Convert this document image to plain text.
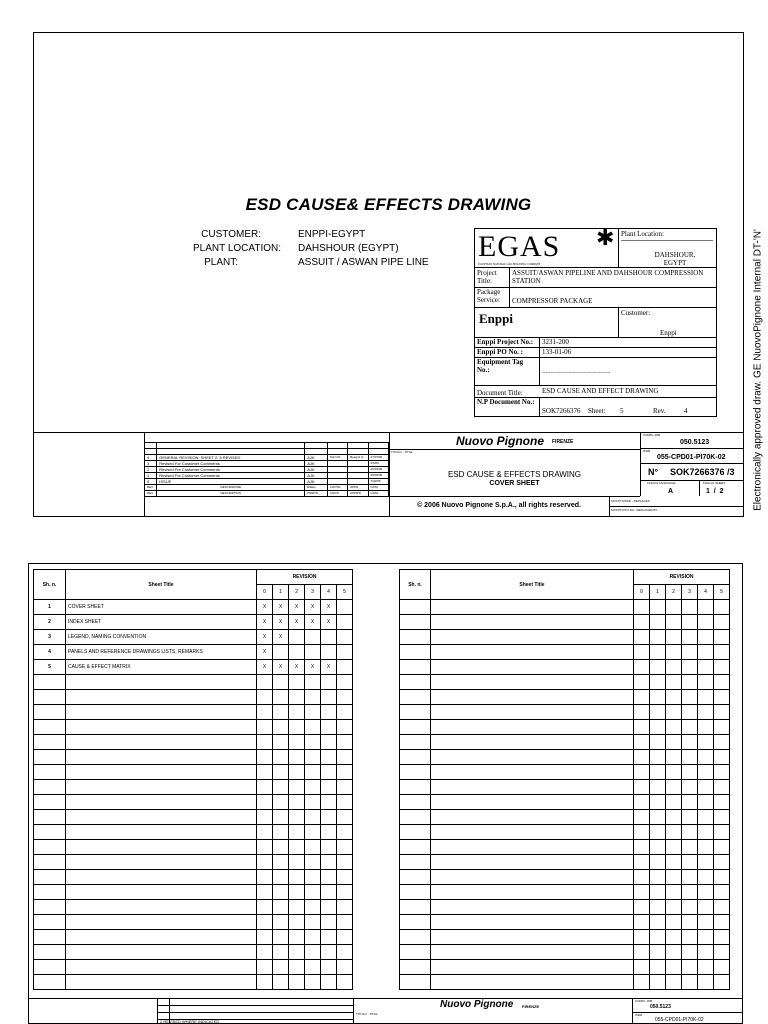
ESD CAUSE& EFFECTS DRAWING
CUSTOMER:	ENPPI-EGYPT
PLANT LOCATION:	DAHSHOUR (EGYPT)
PLANT:	ASSUIT / ASWAN PIPE LINE EGAS ✱
EGYPTIAN NATURAL GAS HOLDING COMPANY
Plant Location:
DAHSHOUR, EGYPT
Project Title:
ASSUIT/ASWAN PIPELINE AND DAHSHOUR COMPRESSION STATION
Package Service:	COMPRESSOR PACKAGE
Enppi	Customer:
Enppi
Enppi Project No.: 3231-200
Enppi PO No. :	133-01-06
Equipment Tag No.:	-----------------------------------------
Document Title:	ESD CAUSE AND EFFECT DRAWING
N.P Document No.:
SOK7266376 Sheet: 5	Rev.	4

4	GENERAL REVISION: SHEET 2..5 REVISED	AJK	Tazzi M.	Beagini G.	27/07/06
3	Revised For Customer Comments	AJK			2/6/06
2	Revised For Customer Comments	AJK			26/04/06
1	Revised For Customer Comments	AJK			28/03/06
0	ISSUE	AJK			7/02/06
REV	DESCRIZIONE	ESEG.	CONTR.	APPR.	DATA
REV	DESCRIPTION	PREP'D	CHK'D	APPR'D	DATE
Nuovo Pignone FIRENZE
TITOLO - TITLE
ESD CAUSE & EFFECTS DRAWING
COVER SHEET
© 2006 Nuovo Pignone S.p.A., all rights reserved.
SOSTITUISCE - REPLACES
SOSTITUITO DA - REPLACED BY
COMM.-JOB
050.5123
ITEM
055-CPD01-PI70K-02
N° SOK7266376 /3
LINGUA LANGUAGE
A
FOGLIO-SHEET
1  /  2	Electronically approved draw. GE NuovoPignone Internal DT-'N'
Sh. n.	Sheet Title	REVISION					
		0	1	2	3	4	5
1	COVER SHEET	X	X	X	X	X	
2	INDEX SHEET	X	X	X	X	X	
3	LEGEND, NAMING CONVENTION	X	X				
4	PANELS AND REFERENCE DRAWINGS LISTS, REMARKS	X					
5	CAUSE & EFFECT MATRIX	X	X	X	X	X	

Sh. n.	Sheet Title	REVISION					
		0	1	2	3	4	5

2 REVISED WHERE INDICATED
TITOLO - TITLE
Nuovo Pignone FIRENZE
COMM.-JOB
050.5123
ITEM
055-CPD01-PI70K-02
